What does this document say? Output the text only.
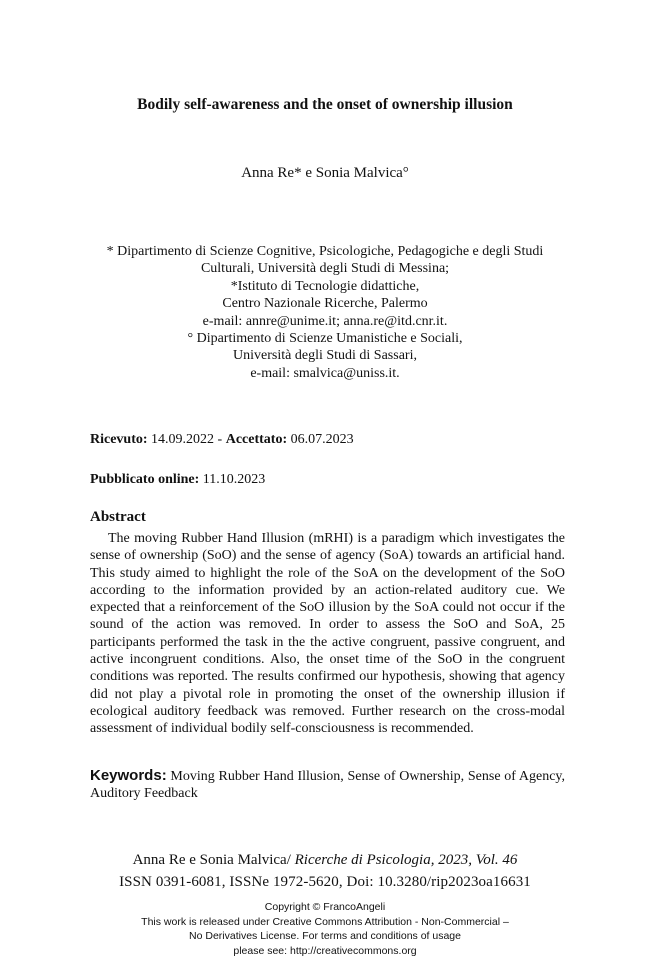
Bodily self-awareness and the onset of ownership illusion
Anna Re* e Sonia Malvica°
* Dipartimento di Scienze Cognitive, Psicologiche, Pedagogiche e degli Studi
Culturali, Università degli Studi di Messina;
*Istituto di Tecnologie didattiche,
Centro Nazionale Ricerche, Palermo
e-mail: annre@unime.it; anna.re@itd.cnr.it.
° Dipartimento di Scienze Umanistiche e Sociali,
Università degli Studi di Sassari,
e-mail: smalvica@uniss.it.
Ricevuto: 14.09.2022 - Accettato: 06.07.2023
Pubblicato online: 11.10.2023
Abstract

The moving Rubber Hand Illusion (mRHI) is a paradigm which investigates the sense of ownership (SoO) and the sense of agency (SoA) towards an artificial hand. This study aimed to highlight the role of the SoA on the development of the SoO according to the information provided by an action-related auditory cue. We expected that a reinforcement of the SoO illusion by the SoA could not occur if the sound of the action was removed. In order to assess the SoO and SoA, 25 participants performed the task in the the active congruent, passive congruent, and active incongruent conditions. Also, the onset time of the SoO in the congruent conditions was reported. The results confirmed our hypothesis, showing that agency did not play a pivotal role in promoting the onset of the ownership illusion if ecological auditory feedback was removed. Further research on the cross-modal assessment of individual bodily self-consciousness is recommended.

Keywords: Moving Rubber Hand Illusion, Sense of Ownership, Sense of Agency, Auditory Feedback
Anna Re e Sonia Malvica/ Ricerche di Psicologia, 2023, Vol. 46
ISSN 0391-6081, ISSNe 1972-5620, Doi: 10.3280/rip2023oa16631
Copyright © FrancoAngeli
This work is released under Creative Commons Attribution - Non-Commercial –
No Derivatives License. For terms and conditions of usage
please see: http://creativecommons.org
